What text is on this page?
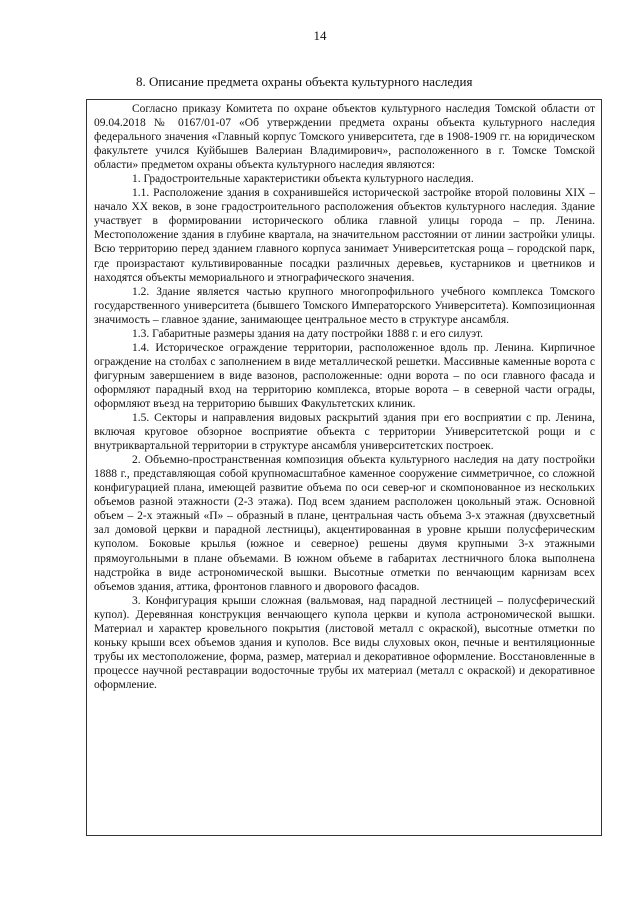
14
8. Описание предмета охраны объекта культурного наследия

Согласно приказу Комитета по охране объектов культурного наследия Томской области от 09.04.2018 № 0167/01-07 «Об утверждении предмета охраны объекта культурного наследия федерального значения «Главный корпус Томского университета, где в 1908-1909 гг. на юридическом факультете учился Куйбышев Валериан Владимирович», расположенного в г. Томске Томской области» предметом охраны объекта культурного наследия являются:

1. Градостроительные характеристики объекта культурного наследия.

1.1. Расположение здания в сохранившейся исторической застройке второй половины XIX – начало XX веков, в зоне градостроительного расположения объектов культурного наследия. Здание участвует в формировании исторического облика главной улицы города – пр. Ленина. Местоположение здания в глубине квартала, на значительном расстоянии от линии застройки улицы. Всю территорию перед зданием главного корпуса занимает Университетская роща – городской парк, где произрастают культивированные посадки различных деревьев, кустарников и цветников и находятся объекты мемориального и этнографического значения.

1.2. Здание является частью крупного многопрофильного учебного комплекса Томского государственного университета (бывшего Томского Императорского Университета). Композиционная значимость – главное здание, занимающее центральное место в структуре ансамбля.

1.3. Габаритные размеры здания на дату постройки 1888 г. и его силуэт.

1.4. Историческое ограждение территории, расположенное вдоль пр. Ленина. Кирпичное ограждение на столбах с заполнением в виде металлической решетки. Массивные каменные ворота с фигурным завершением в виде вазонов, расположенные: одни ворота – по оси главного фасада и оформляют парадный вход на территорию комплекса, вторые ворота – в северной части ограды, оформляют въезд на территорию бывших Факультетских клиник.

1.5. Секторы и направления видовых раскрытий здания при его восприятии с пр. Ленина, включая круговое обзорное восприятие объекта с территории Университетской рощи и с внутриквартальной территории в структуре ансамбля университетских построек.

2. Объемно-пространственная композиция объекта культурного наследия на дату постройки 1888 г., представляющая собой крупномасштабное каменное сооружение симметричное, со сложной конфигурацией плана, имеющей развитие объема по оси север-юг и скомпонованное из нескольких объемов разной этажности (2-3 этажа). Под всем зданием расположен цокольный этаж. Основной объем – 2-х этажный «П» – образный в плане, центральная часть объема 3-х этажная (двухсветный зал домовой церкви и парадной лестницы), акцентированная в уровне крыши полусферическим куполом. Боковые крылья (южное и северное) решены двумя крупными 3-х этажными прямоугольными в плане объемами. В южном объеме в габаритах лестничного блока выполнена надстройка в виде астрономической вышки. Высотные отметки по венчающим карнизам всех объемов здания, аттика, фронтонов главного и дворового фасадов.

3. Конфигурация крыши сложная (вальмовая, над парадной лестницей – полусферический купол). Деревянная конструкция венчающего купола церкви и купола астрономической вышки. Материал и характер кровельного покрытия (листовой металл с окраской), высотные отметки по коньку крыши всех объемов здания и куполов. Все виды слуховых окон, печные и вентиляционные трубы их местоположение, форма, размер, материал и декоративное оформление. Восстановленные в процессе научной реставрации водосточные трубы их материал (металл с окраской) и декоративное оформление.
